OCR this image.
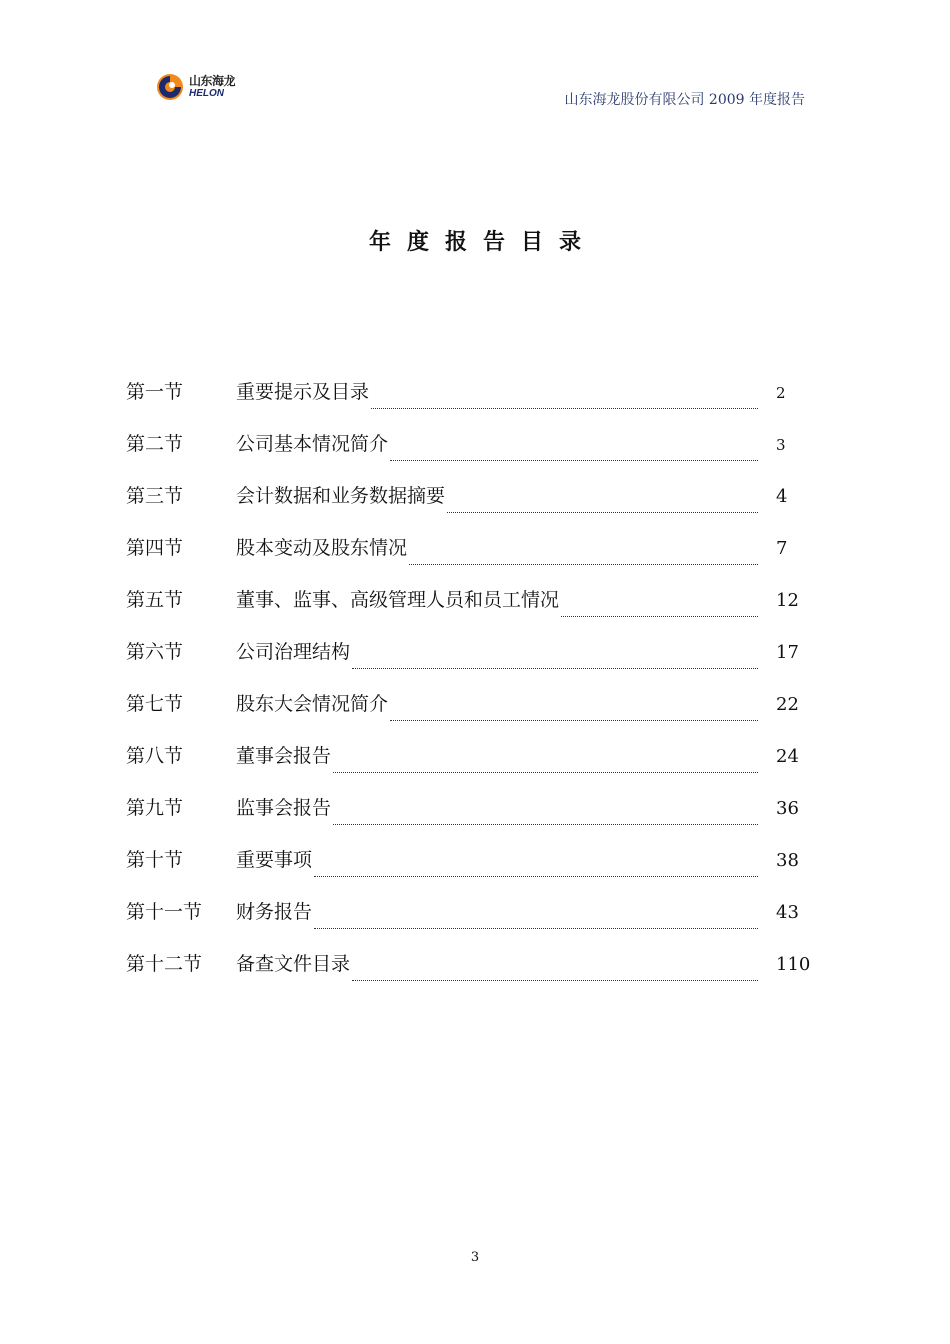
山东海龙
HELON	山东海龙股份有限公司 2009 年度报告
年度报告目录
第一节	重要提示及目录	2
第二节	公司基本情况简介	3
第三节	会计数据和业务数据摘要	4
第四节	股本变动及股东情况	7
第五节	董事、监事、高级管理人员和员工情况	12
第六节	公司治理结构	17
第七节	股东大会情况简介	22
第八节	董事会报告	24
第九节	监事会报告	36
第十节	重要事项	38
第十一节	财务报告	43
第十二节	备查文件目录	110
3
